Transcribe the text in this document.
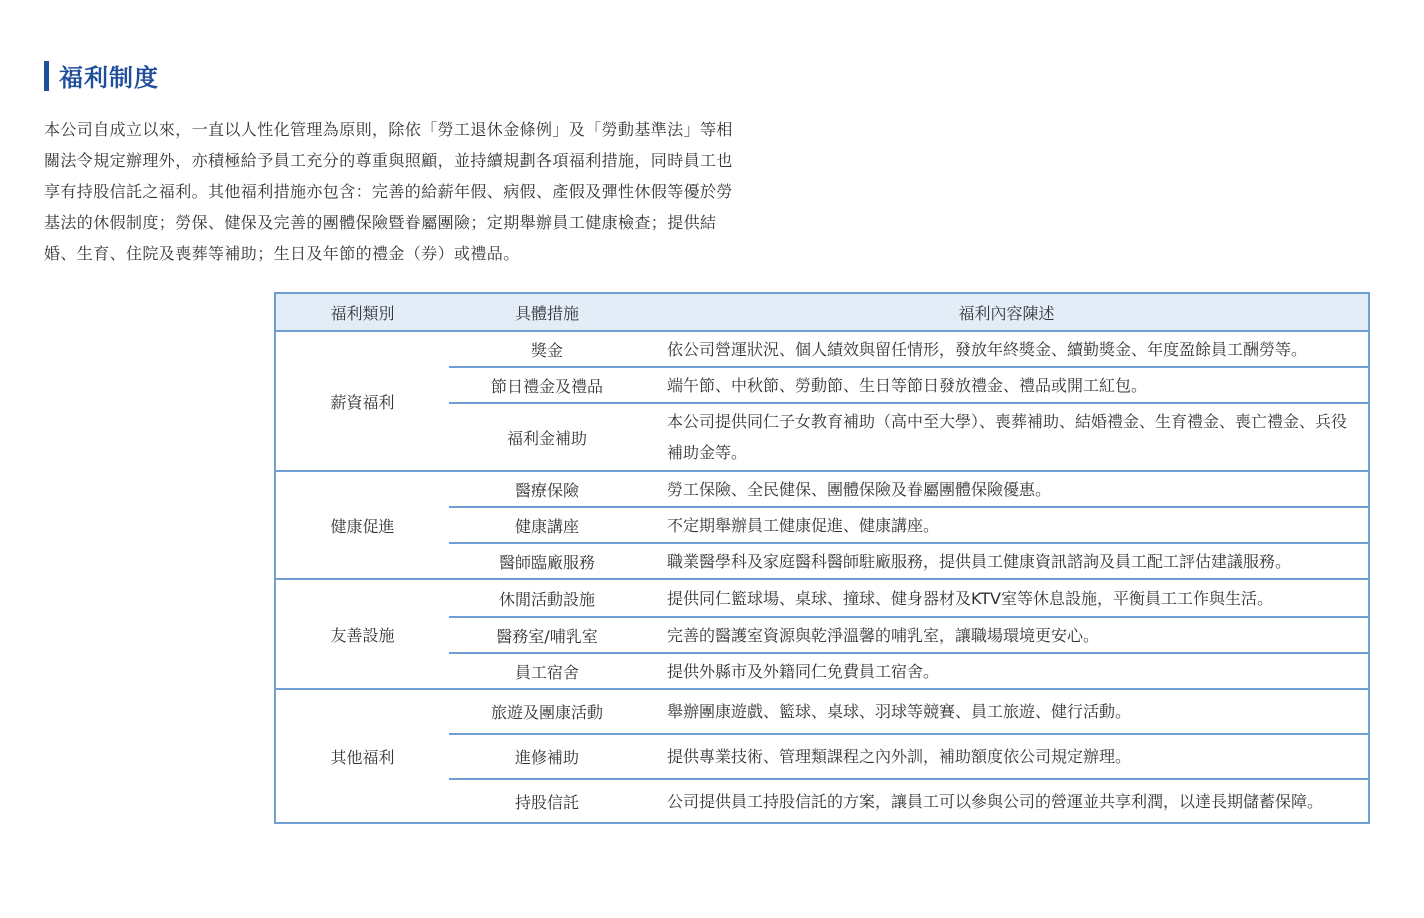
福利制度

本公司自成立以來，一直以人性化管理為原則，除依「勞工退休金條例」及「勞動基準法」等相關法令規定辦理外，亦積極給予員工充分的尊重與照顧，並持續規劃各項福利措施，同時員工也享有持股信託之福利。其他福利措施亦包含：完善的給薪年假、病假、產假及彈性休假等優於勞基法的休假制度；勞保、健保及完善的團體保險暨眷屬團險；定期舉辦員工健康檢查；提供結婚、生育、住院及喪葬等補助；生日及年節的禮金（券）或禮品。

福利類別	具體措施	福利內容陳述
薪資福利	獎金	依公司營運狀況、個人績效與留任情形，發放年終獎金、續勤獎金、年度盈餘員工酬勞等。
	節日禮金及禮品	端午節、中秋節、勞動節、生日等節日發放禮金、禮品或開工紅包。
	福利金補助	本公司提供同仁子女教育補助（高中至大學）、喪葬補助、結婚禮金、生育禮金、喪亡禮金、兵役補助金等。
健康促進	醫療保險	勞工保險、全民健保、團體保險及眷屬團體保險優惠。
	健康講座	不定期舉辦員工健康促進、健康講座。
	醫師臨廠服務	職業醫學科及家庭醫科醫師駐廠服務，提供員工健康資訊諮詢及員工配工評估建議服務。
友善設施	休閒活動設施	提供同仁籃球場、桌球、撞球、健身器材及KTV室等休息設施，平衡員工工作與生活。
	醫務室/哺乳室	完善的醫護室資源與乾淨溫馨的哺乳室，讓職場環境更安心。
	員工宿舍	提供外縣市及外籍同仁免費員工宿舍。
其他福利	旅遊及團康活動	舉辦團康遊戲、籃球、桌球、羽球等競賽、員工旅遊、健行活動。
	進修補助	提供專業技術、管理類課程之內外訓，補助額度依公司規定辦理。
	持股信託	公司提供員工持股信託的方案，讓員工可以參與公司的營運並共享利潤，以達長期儲蓄保障。
